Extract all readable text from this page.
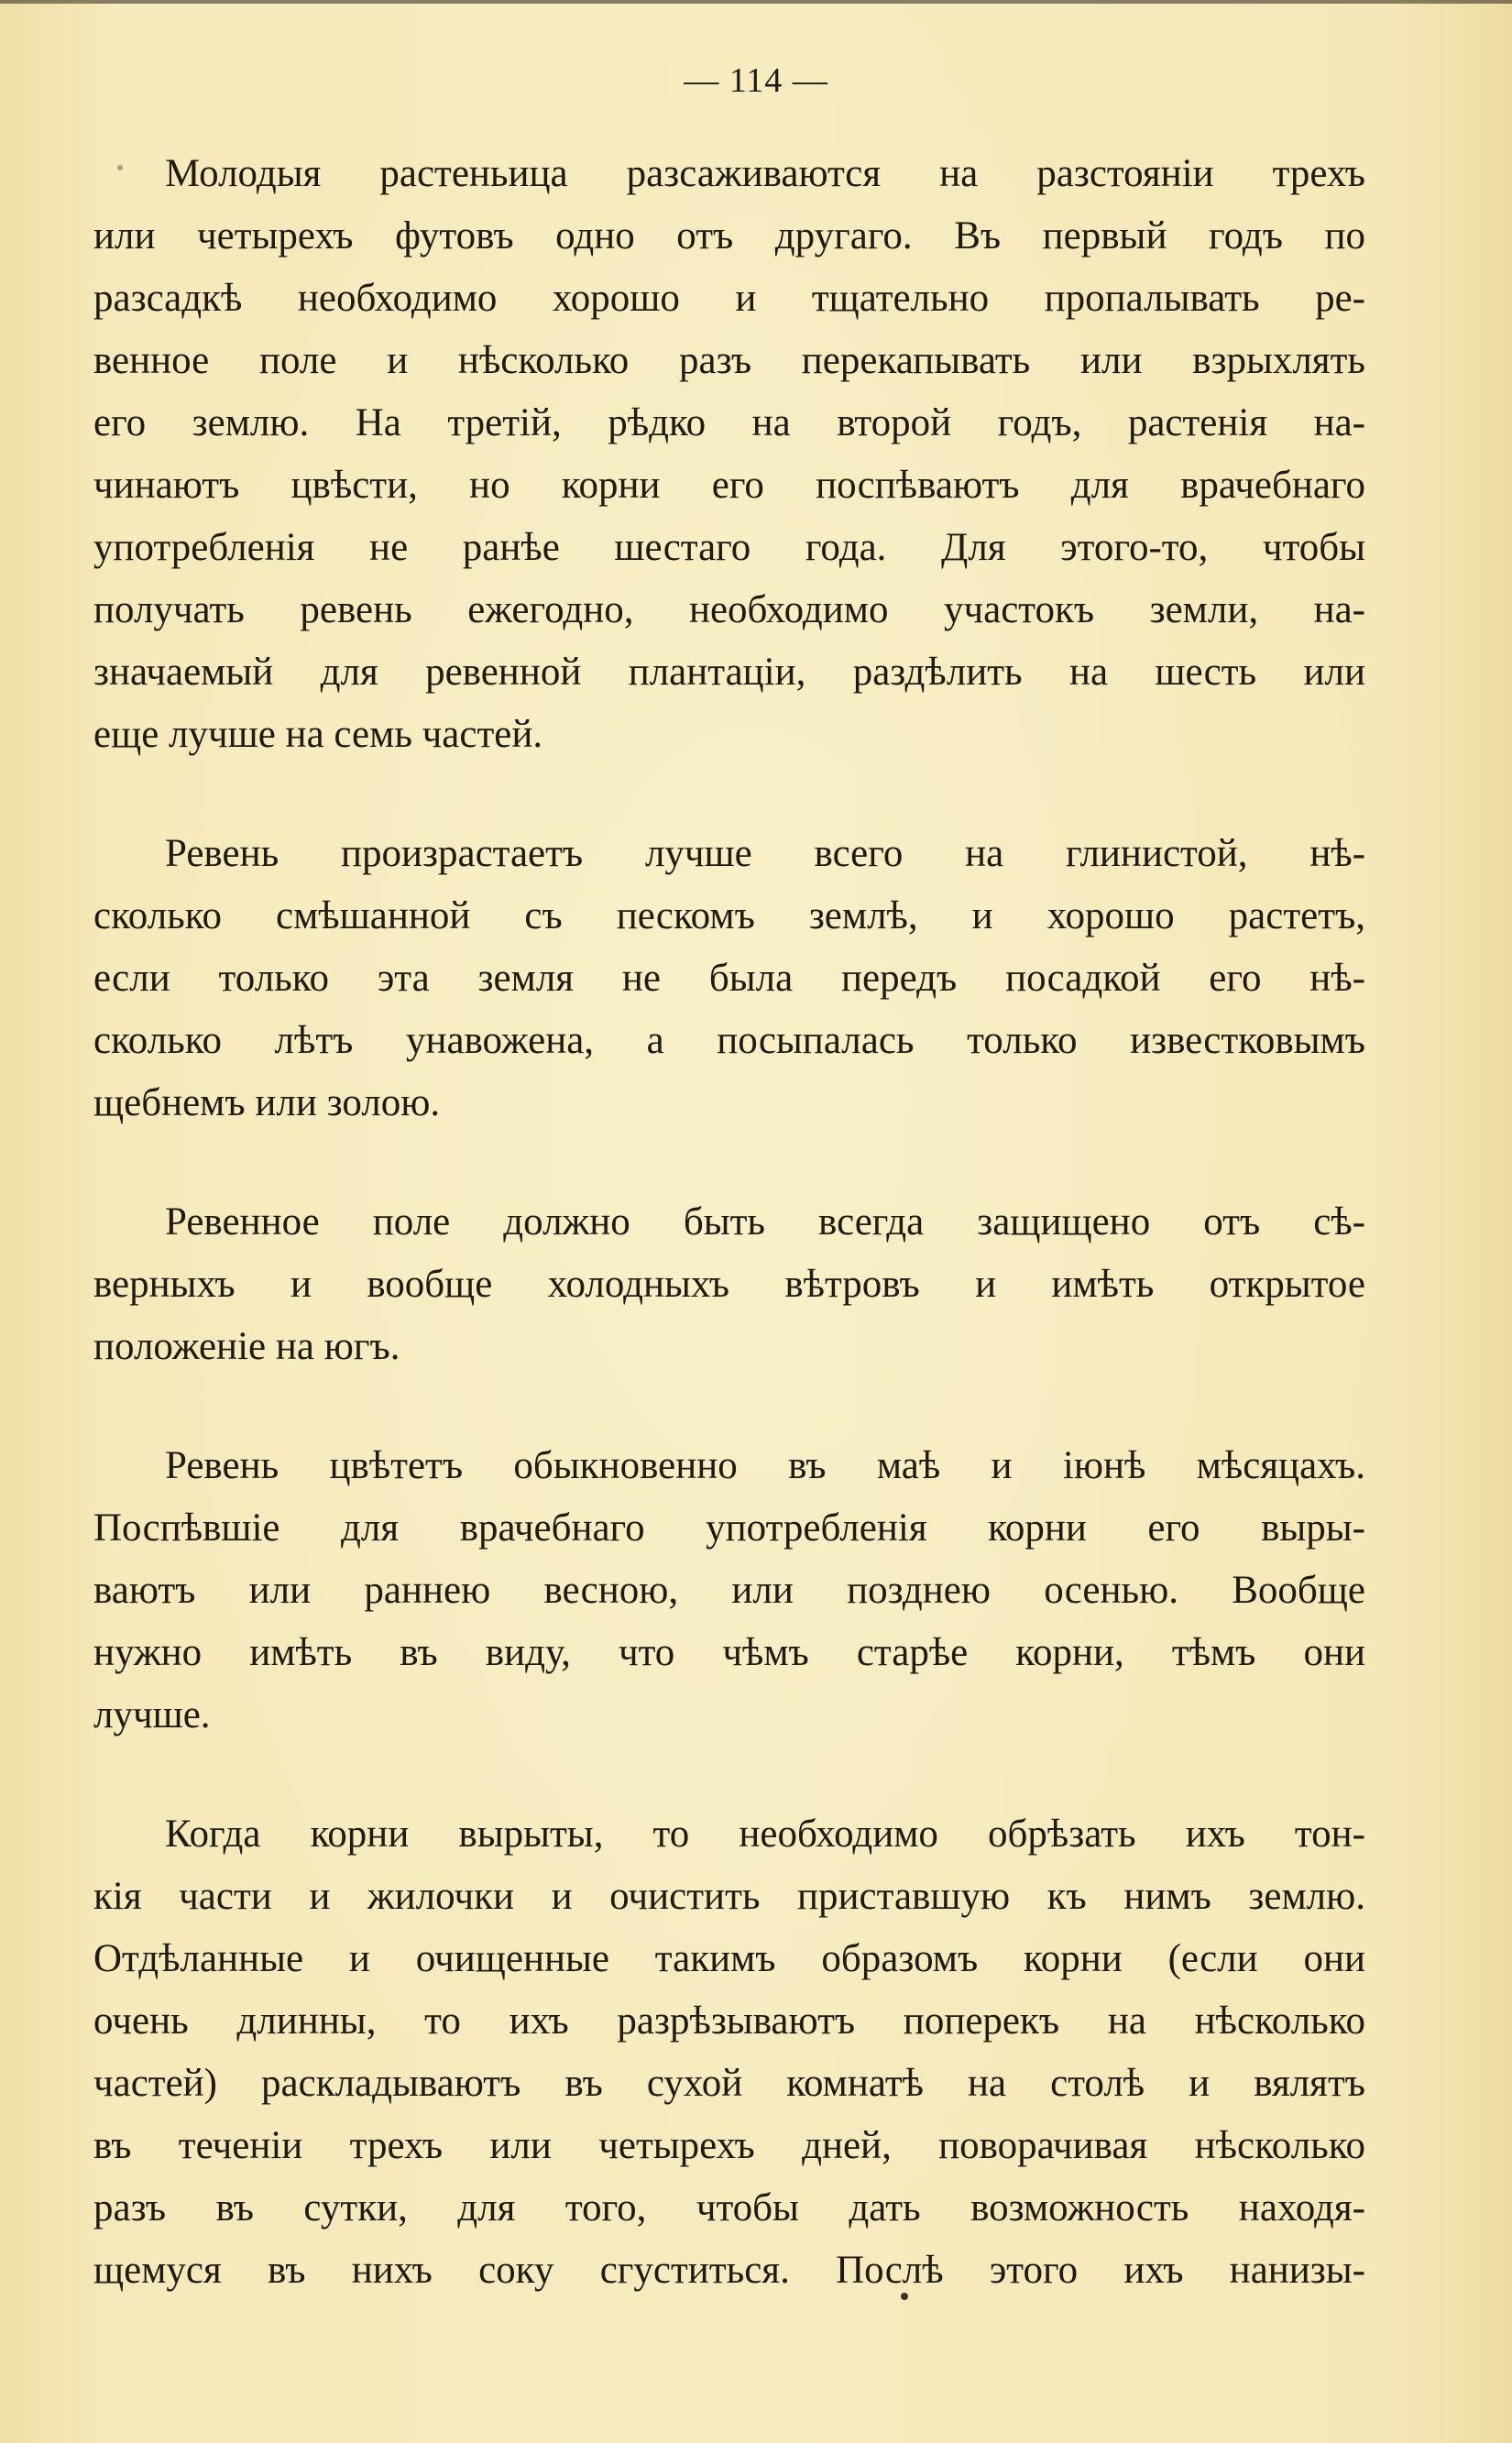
— 114 —
Молодыя растеньица разсаживаются на разстоянiи трехъ
или четырехъ футовъ одно отъ другаго. Въ первый годъ по
разсадкѣ необходимо хорошо и тщательно пропалывать ре-
венное поле и нѣсколько разъ перекапывать или взрыхлять
его землю. На третiй, рѣдко на второй годъ, растенiя на-
чинаютъ цвѣсти, но корни его поспѣваютъ для врачебнаго
употребленiя не ранѣе шестаго года. Для этого-то, чтобы
получать ревень ежегодно, необходимо участокъ земли, на-
значаемый для ревенной плантацiи, раздѣлить на шесть или
еще лучше на семь частей.
Ревень произрастаетъ лучше всего на глинистой, нѣ-
сколько смѣшанной съ пескомъ землѣ, и хорошо растетъ,
если только эта земля не была передъ посадкой его нѣ-
сколько лѣтъ унавожена, а посыпалась только известковымъ
щебнемъ или золою.
Ревенное поле должно быть всегда защищено отъ сѣ-
верныхъ и вообще холодныхъ вѣтровъ и имѣть открытое
положенiе на югъ.
Ревень цвѣтетъ обыкновенно въ маѣ и iюнѣ мѣсяцахъ.
Поспѣвшiе для врачебнаго употребленiя корни его выры-
ваютъ или раннею весною, или позднею осенью. Вообще
нужно имѣть въ виду, что чѣмъ старѣе корни, тѣмъ они
лучше.
Когда корни вырыты, то необходимо обрѣзать ихъ тон-
кiя части и жилочки и очистить приставшую къ нимъ землю.
Отдѣланные и очищенные такимъ образомъ корни (если они
очень длинны, то ихъ разрѣзываютъ поперекъ на нѣсколько
частей) раскладываютъ въ сухой комнатѣ на столѣ и вялятъ
въ теченiи трехъ или четырехъ дней, поворачивая нѣсколько
разъ въ сутки, для того, чтобы дать возможность находя-
щемуся въ нихъ соку сгуститься. Послѣ этого ихъ нанизы-
